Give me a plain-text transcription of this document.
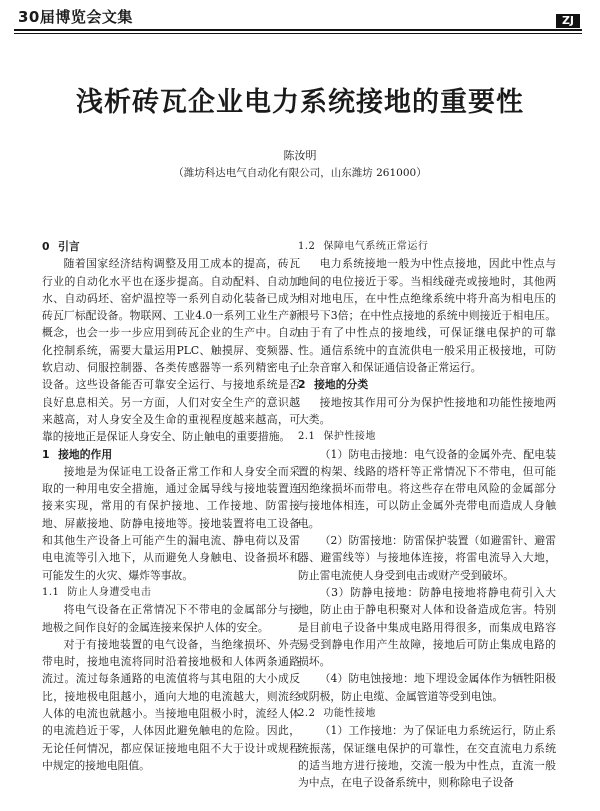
30届博览会文集	ZJ
浅析砖瓦企业电力系统接地的重要性
陈汝明
（潍坊科达电气自动化有限公司，山东潍坊 261000）
0 引言

随着国家经济结构调整及用工成本的提高，砖瓦行业的自动化水平也在逐步提高。自动配料、自动加水、自动码坯、窑炉温控等一系列自动化装备已成为砖瓦厂标配设备。物联网、工业4.0一系列工业生产新概念，也会一步一步应用到砖瓦企业的生产中。自动化控制系统，需要大量运用PLC、触摸屏、变频器、软启动、伺服控制器、各类传感器等一系列精密电子设备。这些设备能否可靠安全运行、与接地系统是否良好息息相关。另一方面，人们对安全生产的意识越来越高，对人身安全及生命的重视程度越来越高，可靠的接地正是保证人身安全、防止触电的重要措施。

1 接地的作用

接地是为保证电工设备正常工作和人身安全而采取的一种用电安全措施，通过金属导线与接地装置连接来实现，常用的有保护接地、工作接地、防雷接地、屏蔽接地、防静电接地等。接地装置将电工设备和其他生产设备上可能产生的漏电流、静电荷以及雷电电流等引入地下，从而避免人身触电、设备损坏和可能发生的火灾、爆炸等事故。

1.1 防止人身遭受电击

将电气设备在正常情况下不带电的金属部分与接地极之间作良好的金属连接来保护人体的安全。

对于有接地装置的电气设备，当绝缘损坏、外壳带电时，接地电流将同时沿着接地极和人体两条通路流过。流过每条通路的电流值将与其电阻的大小成反比，接地极电阻越小，通向大地的电流越大，则流经人体的电流也就越小。当接地电阻极小时，流经人体的电流趋近于零，人体因此避免触电的危险。因此，无论任何情况，都应保证接地电阻不大于设计或规程中规定的接地电阻值。

1.2 保障电气系统正常运行

电力系统接地一般为中性点接地，因此中性点与地间的电位接近于零。当相线碰壳或接地时，其他两相对地电压，在中性点绝缘系统中将升高为相电压的根号下3倍；在中性点接地的系统中则接近于相电压。由于有了中性点的接地线，可保证继电保护的可靠性。通信系统中的直流供电一般采用正极接地，可防止杂音窜入和保证通信设备正常运行。

2 接地的分类

接地按其作用可分为保护性接地和功能性接地两大类。

2.1 保护性接地

（1）防电击接地：电气设备的金属外壳、配电装置的构架、线路的塔杆等正常情况下不带电，但可能因绝缘损坏而带电。将这些存在带电风险的金属部分与接地体相连，可以防止金属外壳带电而造成人身触电。

（2）防雷接地：防雷保护装置（如避雷针、避雷器、避雷线等）与接地体连接，将雷电流导入大地，防止雷电流使人身受到电击或财产受到破坏。

（3）防静电接地：防静电接地将静电荷引入大地，防止由于静电积聚对人体和设备造成危害。特别是目前电子设备中集成电路用得很多，而集成电路容易受到静电作用产生故障，接地后可防止集成电路的损坏。

（4）防电蚀接地：地下埋设金属体作为牺牲阳极或阴极，防止电缆、金属管道等受到电蚀。

2.2 功能性接地

（1）工作接地：为了保证电力系统运行，防止系统振荡，保证继电保护的可靠性，在交直流电力系统的适当地方进行接地，交流一般为中性点，直流一般为中点，在电子设备系统中，则称除电子设备
